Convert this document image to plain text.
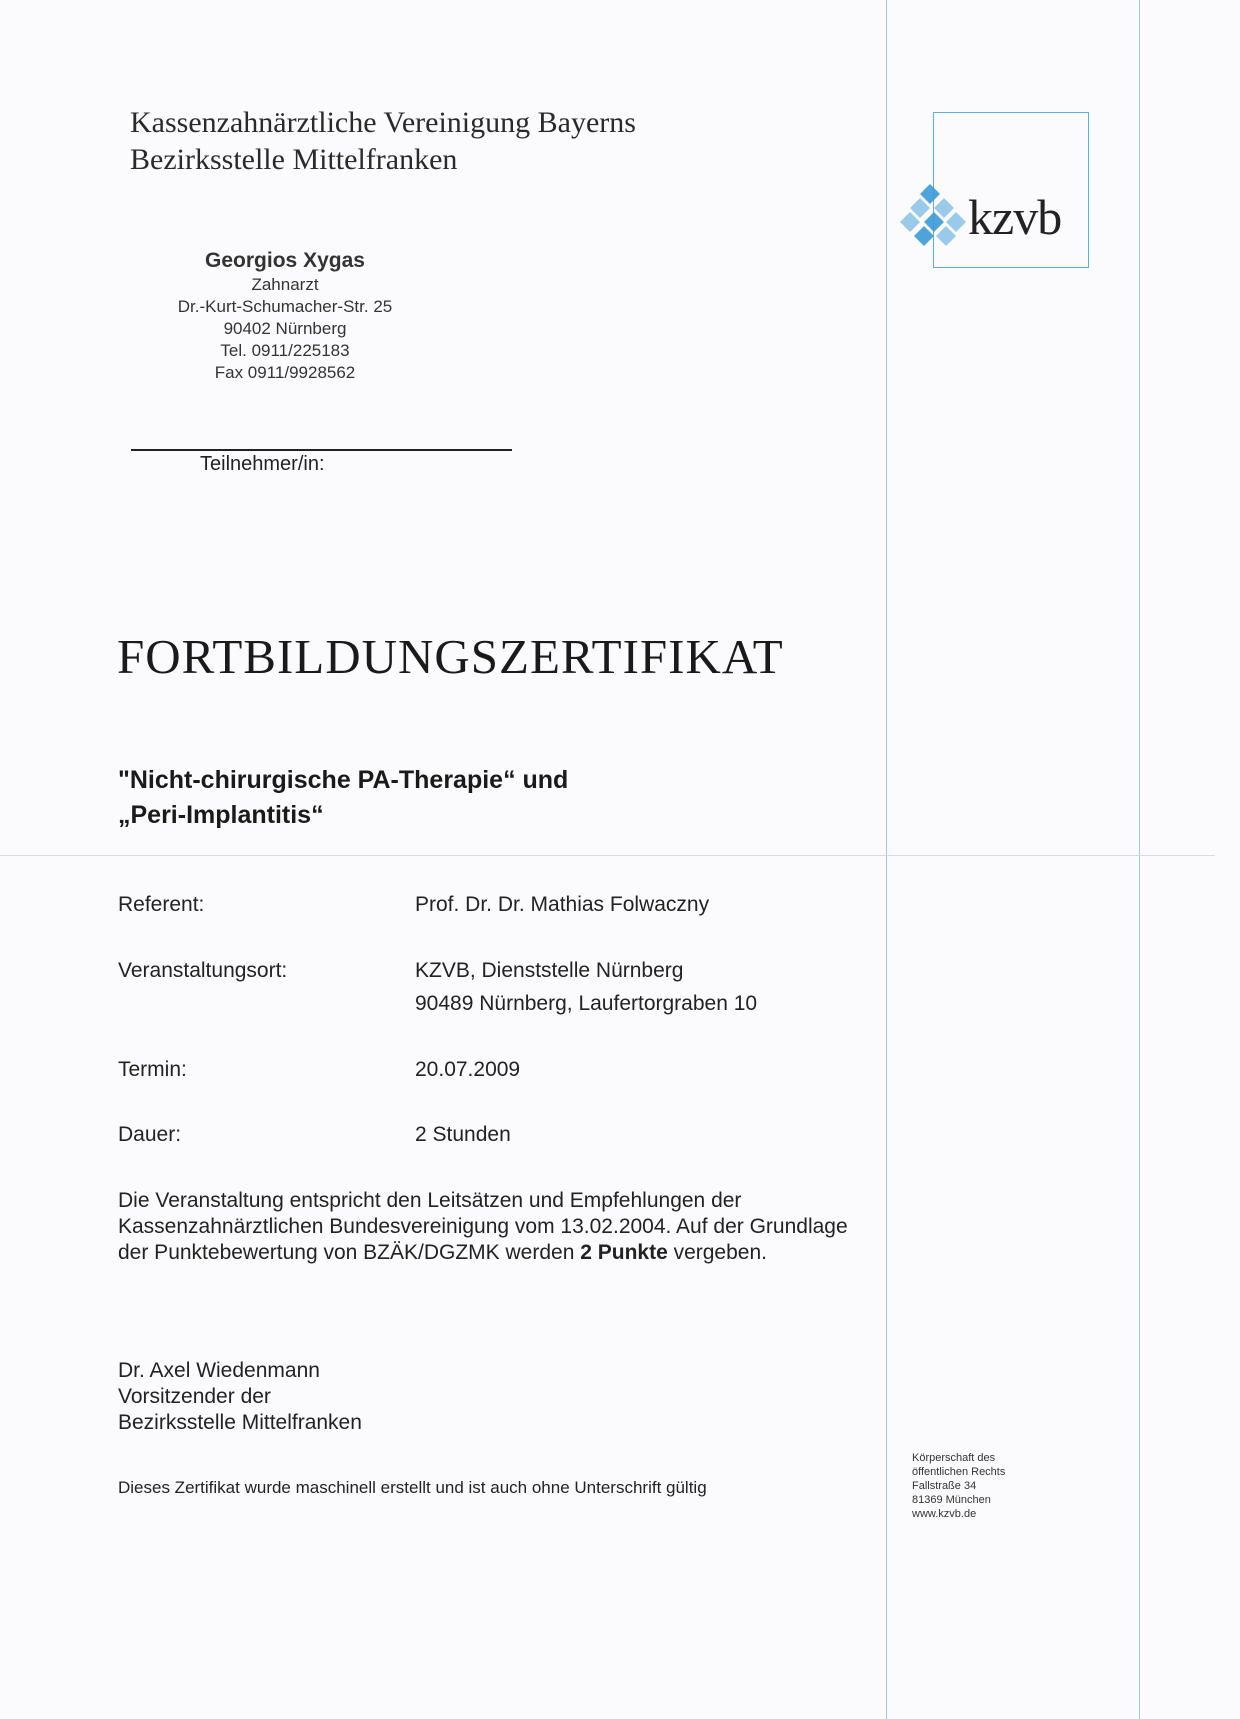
Kassenzahnärztliche Vereinigung Bayerns
Bezirksstelle Mittelfranken
kzvb
Georgios Xygas
Zahnarzt
Dr.-Kurt-Schumacher-Str. 25
90402 Nürnberg
Tel. 0911/225183
Fax 0911/9928562
Teilnehmer/in:
FORTBILDUNGSZERTIFIKAT
"Nicht-chirurgische PA-Therapie“ und
„Peri-Implantitis“
Referent:	Prof. Dr. Dr. Mathias Folwaczny
Veranstaltungsort:	KZVB, Dienststelle Nürnberg
90489 Nürnberg, Laufertorgraben 10
Termin:	20.07.2009
Dauer:	2 Stunden
Die Veranstaltung entspricht den Leitsätzen und Empfehlungen der Kassenzahnärztlichen Bundesvereinigung vom 13.02.2004. Auf der Grundlage der Punktebewertung von BZÄK/DGZMK werden 2 Punkte vergeben.
Dr. Axel Wiedenmann
Vorsitzender der
Bezirksstelle Mittelfranken
Dieses Zertifikat wurde maschinell erstellt und ist auch ohne Unterschrift gültig
Körperschaft des
öffentlichen Rechts
Fallstraße 34
81369 München
www.kzvb.de
